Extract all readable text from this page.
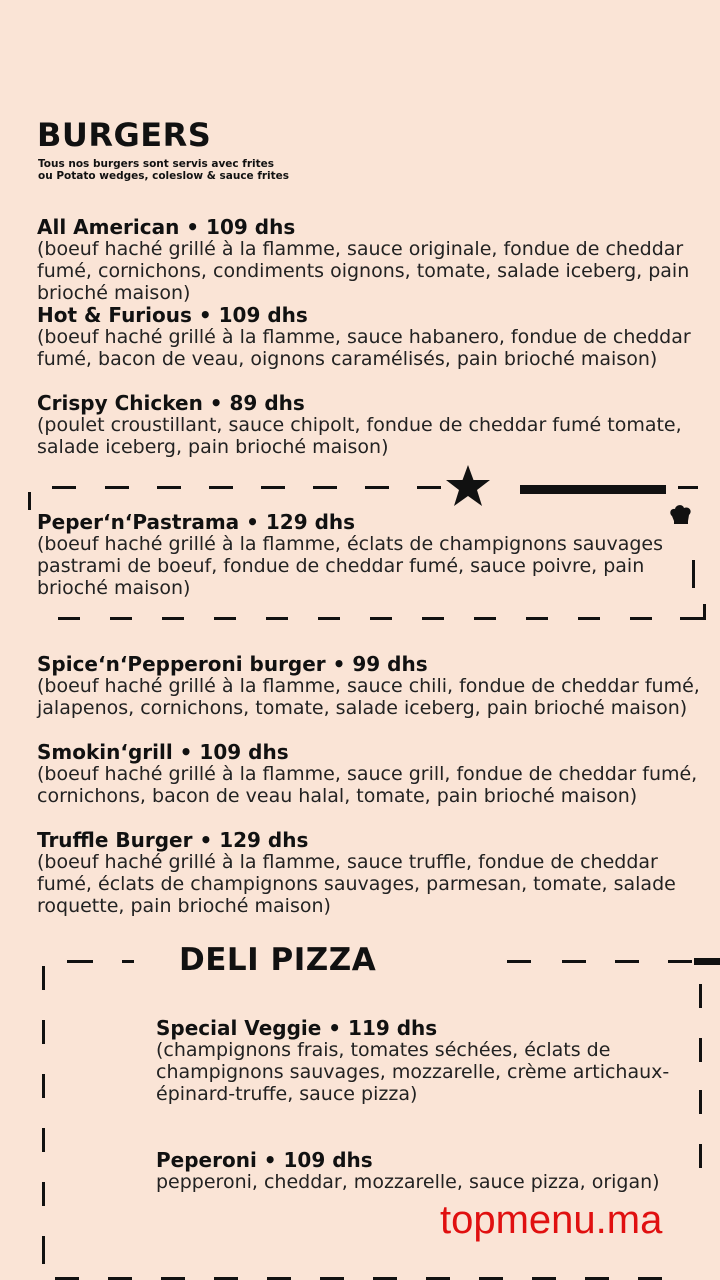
BURGERS
Tous nos burgers sont servis avec frites
ou Potato wedges, coleslow & sauce frites
All American • 109 dhs
(boeuf haché grillé à la flamme, sauce originale, fondue de cheddar fumé, cornichons, condiments oignons, tomate, salade iceberg, pain brioché maison)
Hot & Furious • 109 dhs
(boeuf haché grillé à la flamme, sauce habanero, fondue de cheddar fumé, bacon de veau, oignons caramélisés, pain brioché maison)
Crispy Chicken • 89 dhs
(poulet croustillant, sauce chipolt, fondue de cheddar fumé tomate, salade iceberg, pain brioché maison)
Peper‘n‘Pastrama • 129 dhs
(boeuf haché grillé à la flamme, éclats de champignons sauvages pastrami de boeuf, fondue de cheddar fumé, sauce poivre, pain brioché maison)
Spice‘n‘Pepperoni burger • 99 dhs
(boeuf haché grillé à la flamme, sauce chili, fondue de cheddar fumé, jalapenos, cornichons, tomate, salade iceberg, pain brioché maison)
Smokin‘grill • 109 dhs
(boeuf haché grillé à la flamme, sauce grill, fondue de cheddar fumé, cornichons, bacon de veau halal, tomate, pain brioché maison)
Truffle Burger • 129 dhs
(boeuf haché grillé à la flamme, sauce truffle, fondue de cheddar fumé, éclats de champignons sauvages, parmesan, tomate, salade roquette, pain brioché maison)
DELI PIZZA
Special Veggie • 119 dhs
(champignons frais, tomates séchées, éclats de champignons sauvages, mozzarelle, crème artichaux-épinard-truffe, sauce pizza)
Peperoni • 109 dhs
pepperoni, cheddar, mozzarelle, sauce pizza, origan)
topmenu.ma
